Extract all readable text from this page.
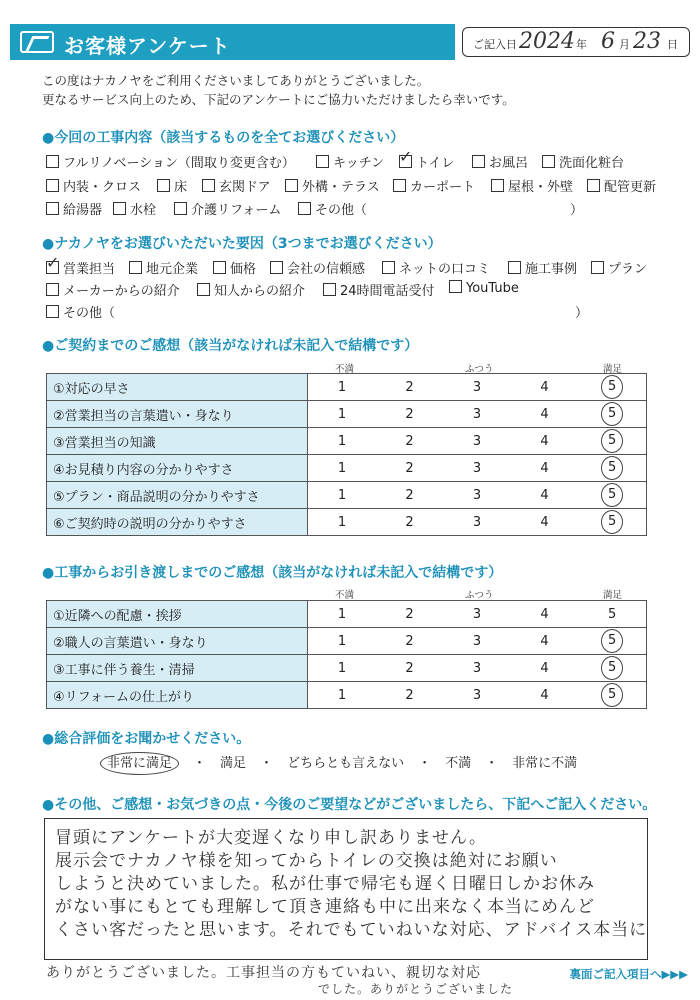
お客様アンケート	ご記入日 2024 年 6 月 23 日
この度はナカノヤをご利用くださいましてありがとうございました。
更なるサービス向上のため、下記のアンケートにご協力いただけましたら幸いです。
●今回の工事内容（該当するものを全てお選びください）
フルリノベーション（間取り変更含む）	キッチン ✓	トイレ	お風呂	洗面化粧台
内装・クロス	床	玄関ドア	外構・テラス	カーポート	屋根・外壁	配管更新
給湯器	水栓	介護リフォーム	その他（	）
●ナカノヤをお選びいただいた要因（3つまでお選びください）
✓営業担当	地元企業	価格	会社の信頼感	ネットの口コミ	施工事例	プラン
メーカーからの紹介	知人からの紹介	24時間電話受付	YouTube
その他（	）
●ご契約までのご感想（該当がなければ未記入で結構です）
不満	ふつう	満足
①対応の早さ	1	2	3	4	5
②営業担当の言葉遣い・身なり	1	2	3	4	5
③営業担当の知識	1	2	3	4	5
④お見積り内容の分かりやすさ	1	2	3	4	5
⑤プラン・商品説明の分かりやすさ	1	2	3	4	5
⑥ご契約時の説明の分かりやすさ	1	2	3	4	5
●工事からお引き渡しまでのご感想（該当がなければ未記入で結構です）
不満	ふつう	満足
①近隣への配慮・挨拶	1	2	3	4	5
②職人の言葉遣い・身なり	1	2	3	4	5
③工事に伴う養生・清掃	1	2	3	4	5
④リフォームの仕上がり	1	2	3	4	5
●総合評価をお聞かせください。
非常に満足 ・ 満足 ・ どちらとも言えない ・ 不満 ・ 非常に不満
●その他、ご感想・お気づきの点・今後のご要望などがございましたら、下記へご記入ください。
冒頭にアンケートが大変遅くなり申し訳ありません。
展示会でナカノヤ様を知ってからトイレの交換は絶対にお願い
しようと決めていました。私が仕事で帰宅も遅く日曜日しかお休み
がない事にもとても理解して頂き連絡も中に出来なく本当にめんど
くさい客だったと思います。それでもていねいな対応、アドバイス本当に
ありがとうございました。工事担当の方もていねい、親切な対応
でした。ありがとうございました
裏面ご記入項目へ▶▶▶
